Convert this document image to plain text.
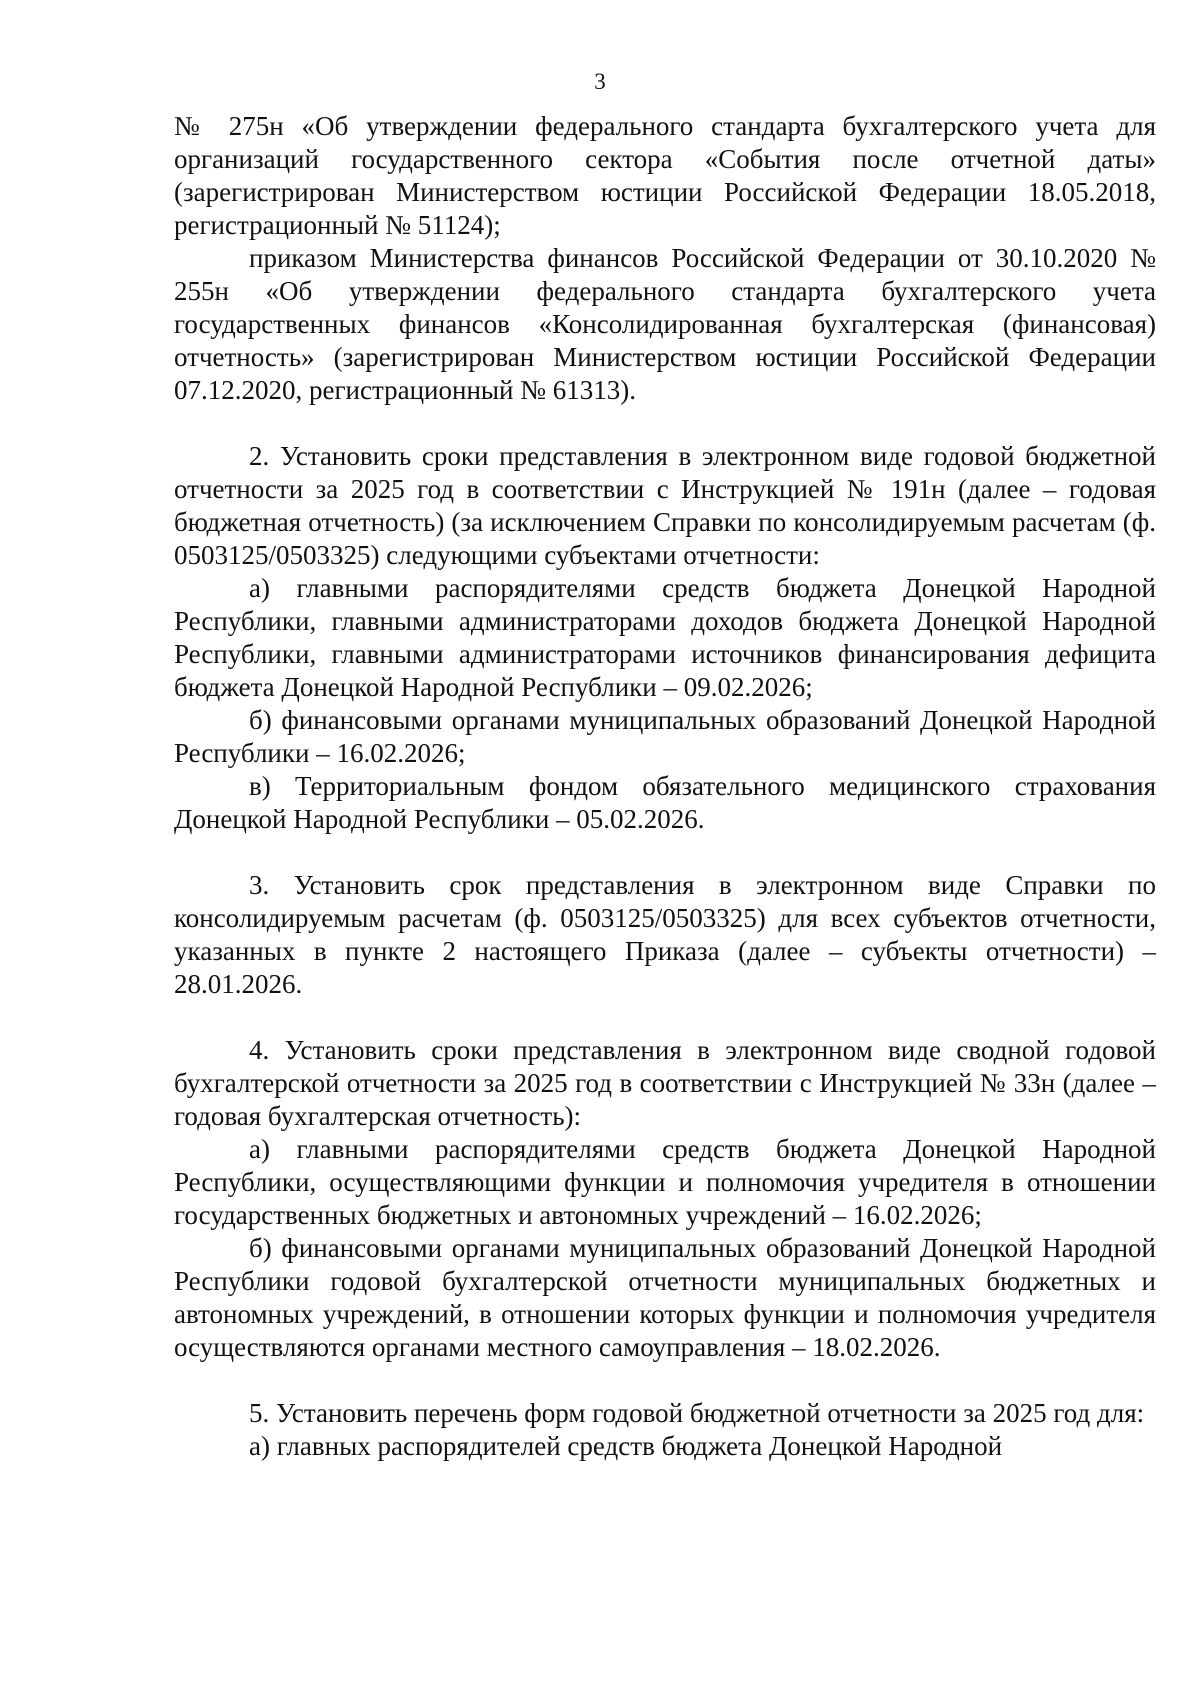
3

№ 275н «Об утверждении федерального стандарта бухгалтерского учета для организаций государственного сектора «События после отчетной даты» (зарегистрирован Министерством юстиции Российской Федерации 18.05.2018, регистрационный № 51124);

приказом Министерства финансов Российской Федерации от 30.10.2020 № 255н «Об утверждении федерального стандарта бухгалтерского учета государственных финансов «Консолидированная бухгалтерская (финансовая) отчетность» (зарегистрирован Министерством юстиции Российской Федерации 07.12.2020, регистрационный № 61313).

2. Установить сроки представления в электронном виде годовой бюджетной отчетности за 2025 год в соответствии с Инструкцией № 191н (далее – годовая бюджетная отчетность) (за исключением Справки по консолидируемым расчетам (ф. 0503125/0503325) следующими субъектами отчетности:

а) главными распорядителями средств бюджета Донецкой Народной Республики, главными администраторами доходов бюджета Донецкой Народной Республики, главными администраторами источников финансирования дефицита бюджета Донецкой Народной Республики – 09.02.2026;

б) финансовыми органами муниципальных образований Донецкой Народной Республики – 16.02.2026;

в) Территориальным фондом обязательного медицинского страхования Донецкой Народной Республики – 05.02.2026.

3. Установить срок представления в электронном виде Справки по консолидируемым расчетам (ф. 0503125/0503325) для всех субъектов отчетности, указанных в пункте 2 настоящего Приказа (далее – субъекты отчетности) – 28.01.2026.

4. Установить сроки представления в электронном виде сводной годовой бухгалтерской отчетности за 2025 год в соответствии с Инструкцией № 33н (далее – годовая бухгалтерская отчетность):

а) главными распорядителями средств бюджета Донецкой Народной Республики, осуществляющими функции и полномочия учредителя в отношении государственных бюджетных и автономных учреждений – 16.02.2026;

б) финансовыми органами муниципальных образований Донецкой Народной Республики годовой бухгалтерской отчетности муниципальных бюджетных и автономных учреждений, в отношении которых функции и полномочия учредителя осуществляются органами местного самоуправления – 18.02.2026.

5. Установить перечень форм годовой бюджетной отчетности за 2025 год для:

а) главных распорядителей средств бюджета Донецкой Народной
